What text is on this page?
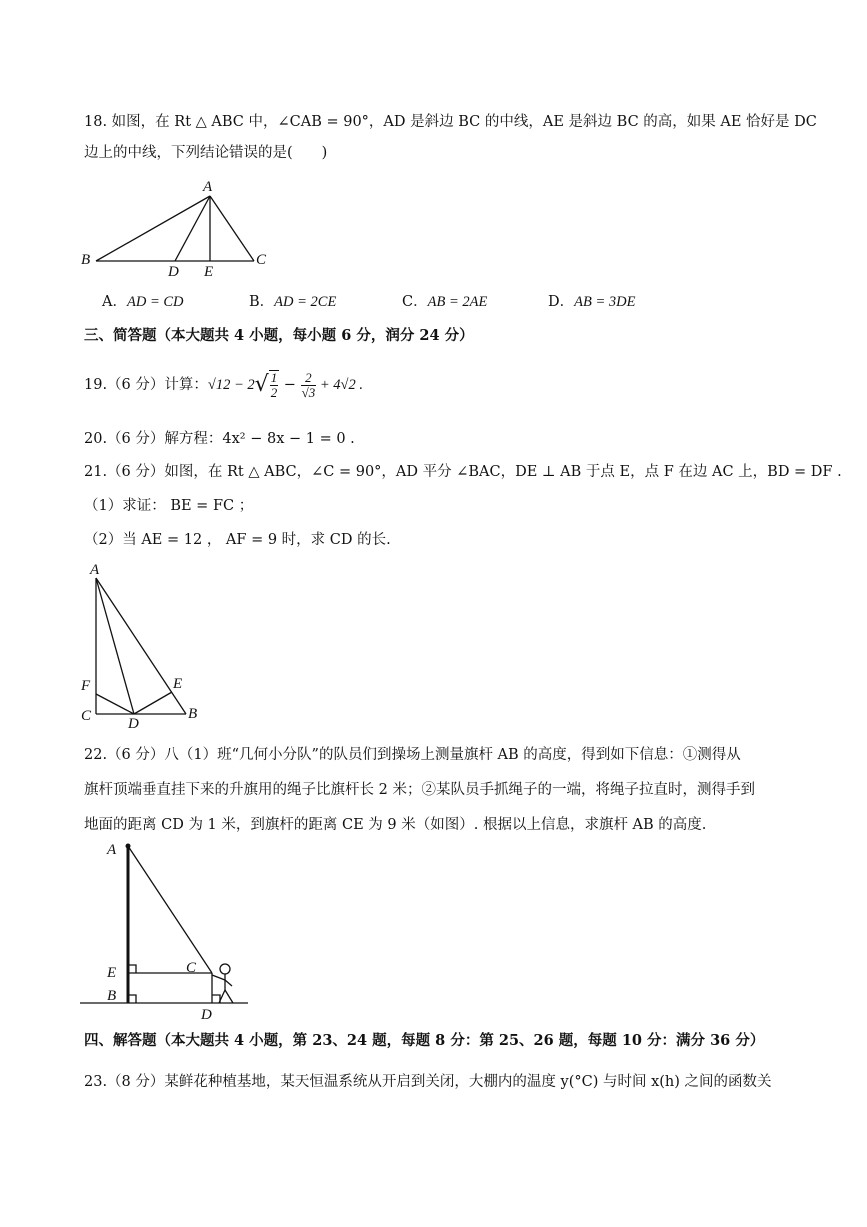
18. 如图，在 Rt △ ABC 中，∠CAB = 90°，AD 是斜边 BC 的中线，AE 是斜边 BC 的高，如果 AE 恰好是 DC
边上的中线，下列结论错误的是(　　)
A
B	C
D E
A．AD = CD	B．AD = 2CE	C．AB = 2AE	D．AB = 3DE
三、简答题（本大题共 4 小题，每小题 6 分，润分 24 分）
19.（6 分）计算：$√12 - 2√ \frac{1}{2} - \frac{2}{√3} + 4√2$ .
20.（6 分）解方程：4x² − 8x − 1 = 0 .
21.（6 分）如图，在 Rt △ ABC，∠C = 90°，AD 平分 ∠BAC，DE ⊥ AB 于点 E，点 F 在边 AC 上，BD = DF .
（1）求证： BE = FC ；
（2）当 AE = 12 ， AF = 9 时，求 CD 的长.
A
B
C D
E
F
22.（6 分）八（1）班“几何小分队”的队员们到操场上测量旗杆 AB 的高度，得到如下信息：①测得从
旗杆顶端垂直挂下来的升旗用的绳子比旗杆长 2 米；②某队员手抓绳子的一端，将绳子拉直时，测得手到
地面的距离 CD 为 1 米，到旗杆的距离 CE 为 9 米（如图）. 根据以上信息，求旗杆 AB 的高度.
A
B
C
D
E
四、解答题（本大题共 4 小题，第 23、24 题，每题 8 分：第 25、26 题，每题 10 分：满分 36 分）
23.（8 分）某鲜花种植基地，某天恒温系统从开启到关闭，大棚内的温度 y(°C) 与时间 x(h) 之间的函数关
